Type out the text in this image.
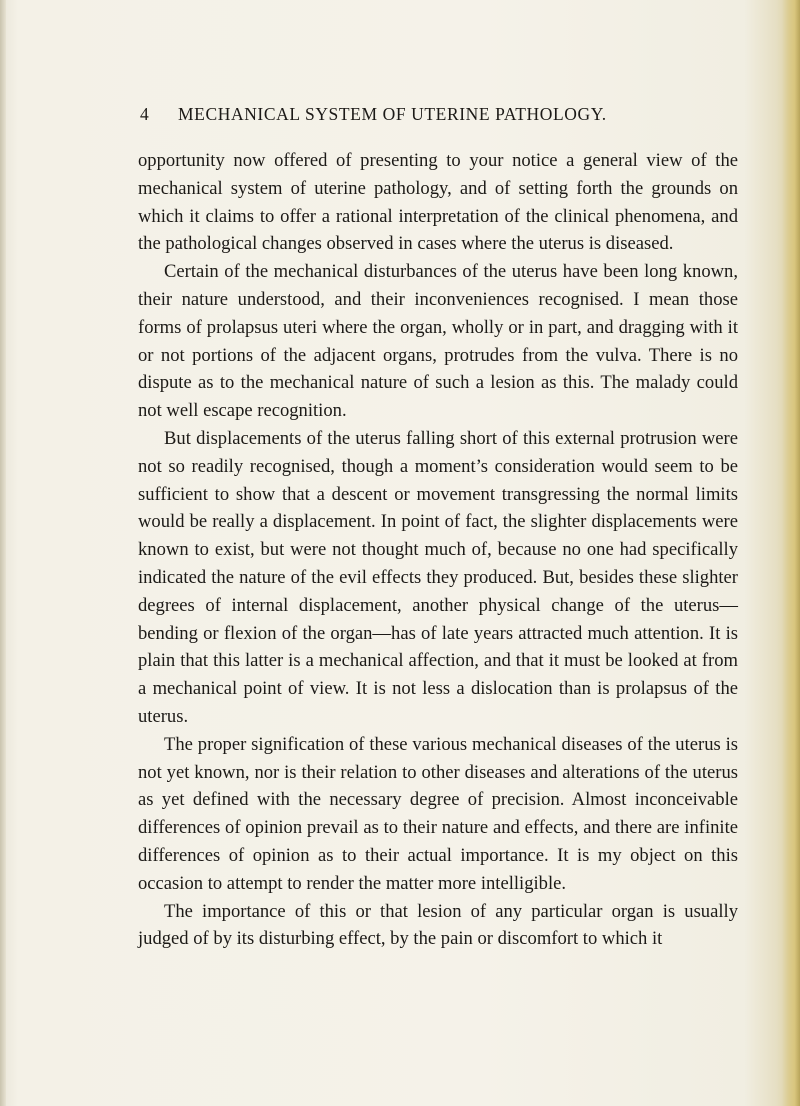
4 MECHANICAL SYSTEM OF UTERINE PATHOLOGY.

opportunity now offered of presenting to your notice a general view of the mechanical system of uterine pathology, and of setting forth the grounds on which it claims to offer a rational interpretation of the clinical phenomena, and the pathological changes observed in cases where the uterus is diseased.

Certain of the mechanical disturbances of the uterus have been long known, their nature understood, and their inconveniences recognised. I mean those forms of prolapsus uteri where the organ, wholly or in part, and dragging with it or not portions of the adjacent organs, protrudes from the vulva. There is no dispute as to the mechanical nature of such a lesion as this. The malady could not well escape recognition.

But displacements of the uterus falling short of this external protrusion were not so readily recognised, though a moment’s consideration would seem to be sufficient to show that a descent or movement transgressing the normal limits would be really a displacement. In point of fact, the slighter displacements were known to exist, but were not thought much of, because no one had specifically indicated the nature of the evil effects they produced. But, besides these slighter degrees of internal displacement, another physical change of the uterus—bending or flexion of the organ—has of late years attracted much attention. It is plain that this latter is a mechanical affection, and that it must be looked at from a mechanical point of view. It is not less a dislocation than is prolapsus of the uterus.

The proper signification of these various mechanical diseases of the uterus is not yet known, nor is their relation to other diseases and alterations of the uterus as yet defined with the necessary degree of precision. Almost inconceivable differences of opinion prevail as to their nature and effects, and there are infinite differences of opinion as to their actual importance. It is my object on this occasion to attempt to render the matter more intelligible.

The importance of this or that lesion of any particular organ is usually judged of by its disturbing effect, by the pain or discomfort to which it
